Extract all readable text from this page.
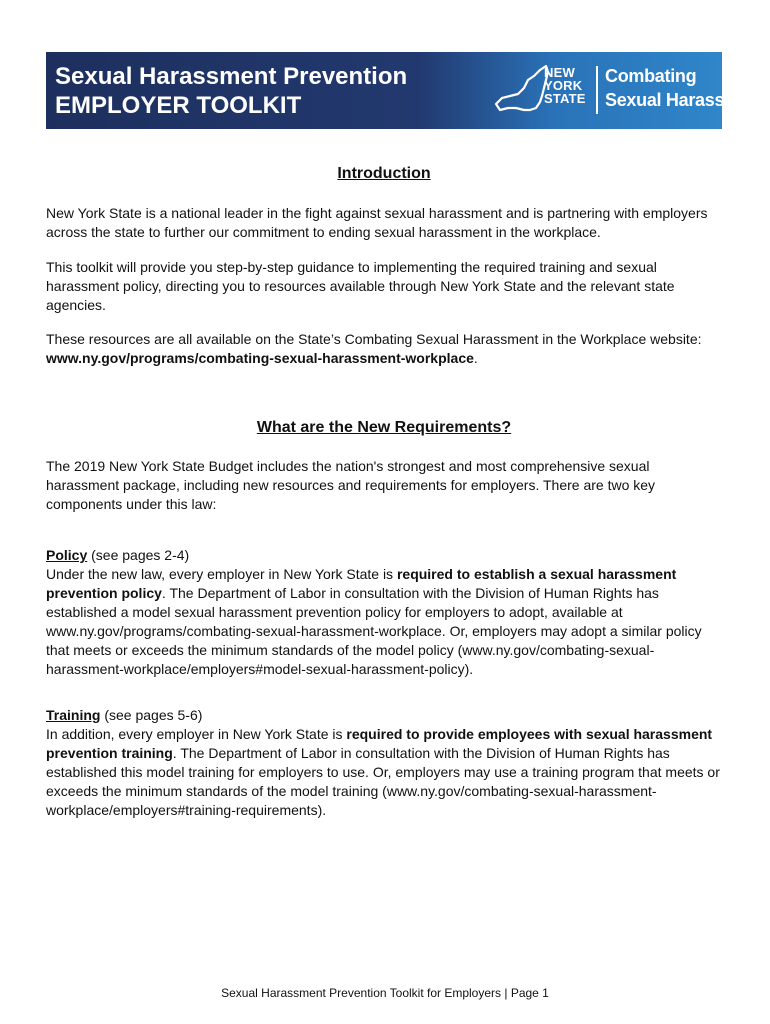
Sexual Harassment Prevention
EMPLOYER TOOLKIT
NEW
YORK
STATE
Combating
Sexual Harassment
Introduction

New York State is a national leader in the fight against sexual harassment and is partnering with employers across the state to further our commitment to ending sexual harassment in the workplace.

This toolkit will provide you step-by-step guidance to implementing the required training and sexual harassment policy, directing you to resources available through New York State and the relevant state agencies.

These resources are all available on the State’s Combating Sexual Harassment in the Workplace website: www.ny.gov/programs/combating-sexual-harassment-workplace.

What are the New Requirements?

The 2019 New York State Budget includes the nation's strongest and most comprehensive sexual harassment package, including new resources and requirements for employers. There are two key components under this law:

Policy (see pages 2-4)
Under the new law, every employer in New York State is required to establish a sexual harassment prevention policy. The Department of Labor in consultation with the Division of Human Rights has established a model sexual harassment prevention policy for employers to adopt, available at www.ny.gov/programs/combating-sexual-harassment-workplace. Or, employers may adopt a similar policy that meets or exceeds the minimum standards of the model policy (www.ny.gov/combating-sexual-harassment-workplace/employers#model-sexual-harassment-policy).

Training (see pages 5-6)
In addition, every employer in New York State is required to provide employees with sexual harassment prevention training. The Department of Labor in consultation with the Division of Human Rights has established this model training for employers to use. Or, employers may use a training program that meets or exceeds the minimum standards of the model training (www.ny.gov/combating-sexual-harassment-workplace/employers#training-requirements).

Sexual Harassment Prevention Toolkit for Employers | Page 1
